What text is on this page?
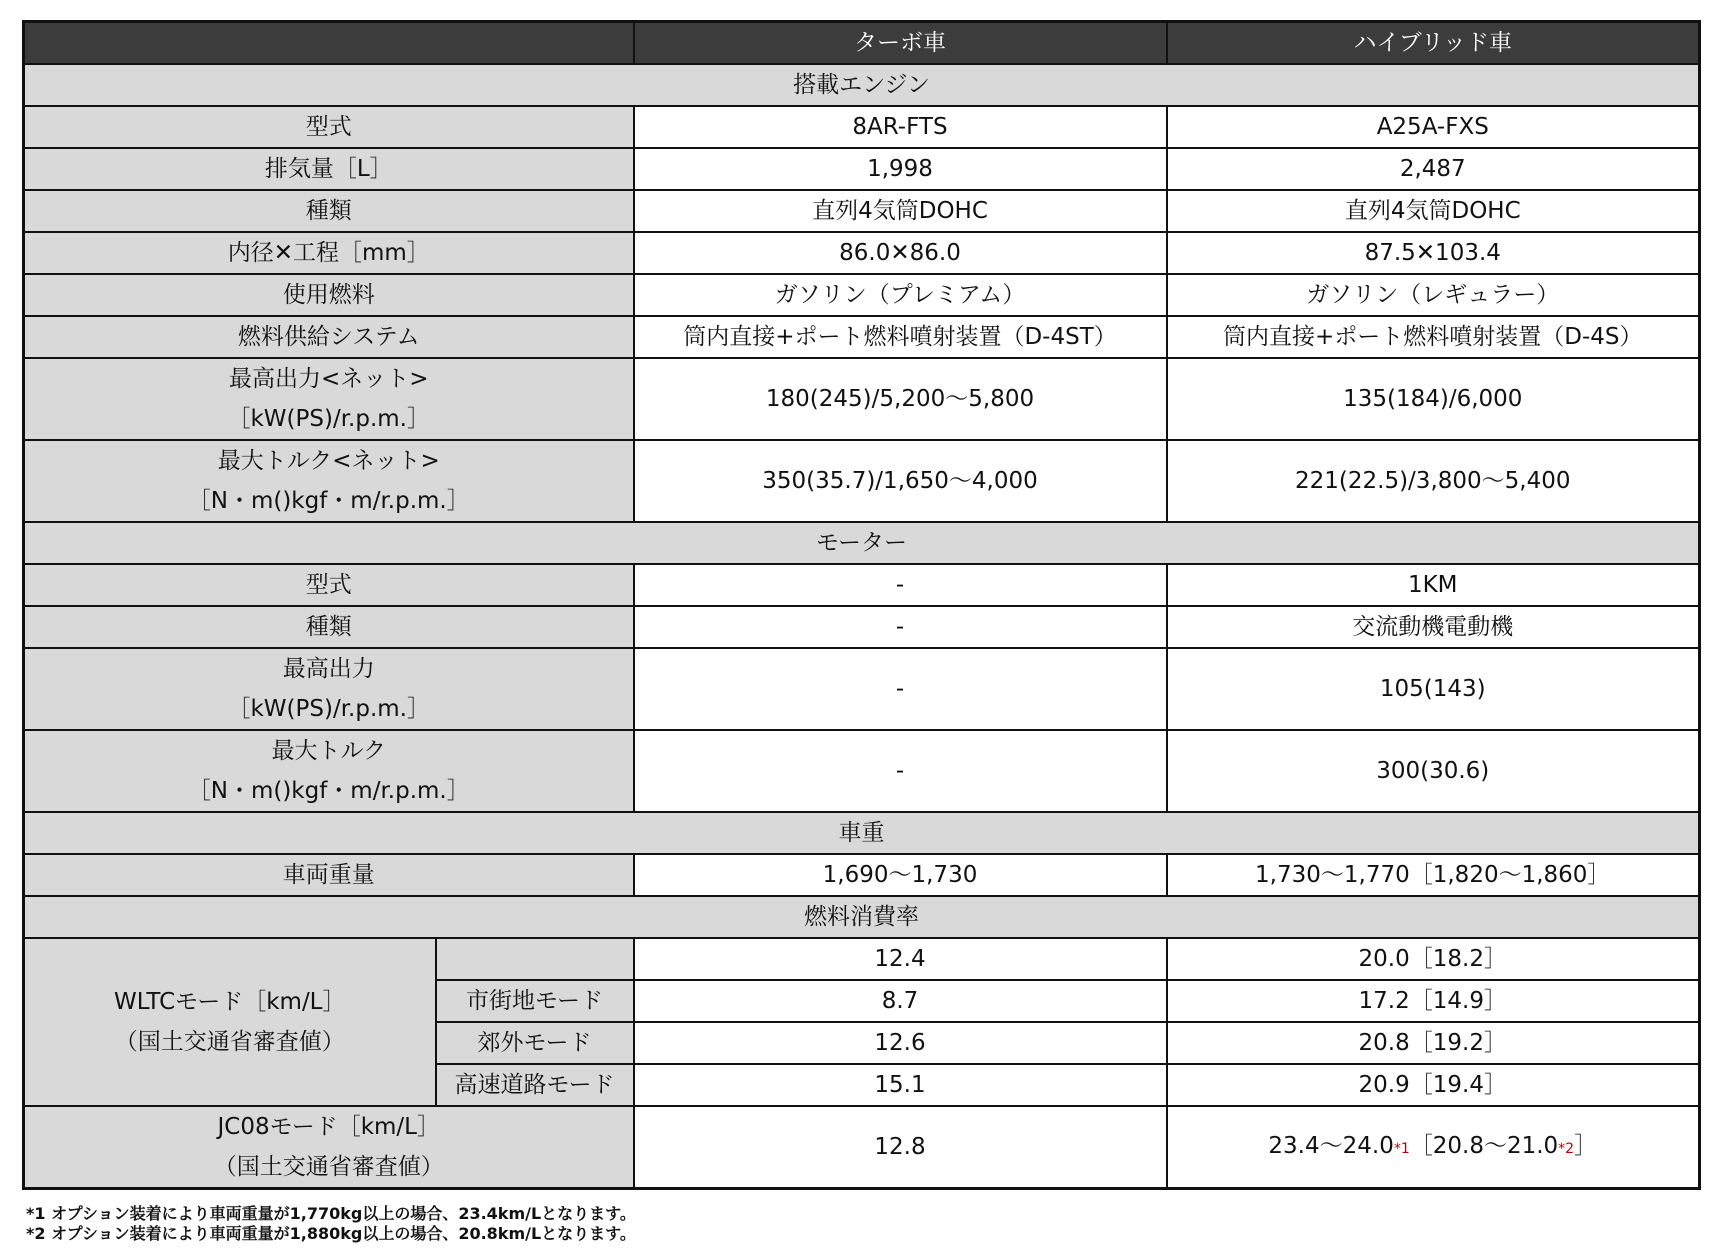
		ターボ車	ハイブリッド車
搭載エンジン			
型式		8AR-FTS	A25A-FXS
排気量［L］		1,998	2,487
種類		直列4気筒DOHC	直列4気筒DOHC
内径✕工程［mm］		86.0✕86.0	87.5✕103.4
使用燃料		ガソリン（プレミアム）	ガソリン（レギュラー）
燃料供給システム		筒内直接+ポート燃料噴射装置（D-4ST）	筒内直接+ポート燃料噴射装置（D-4S）

最高出力<ネット>
［kW(PS)/r.p.m.］		180(245)/5,200〜5,800	135(184)/6,000

最大トルク<ネット>
［N・m()kgf・m/r.p.m.］		350(35.7)/1,650〜4,000	221(22.5)/3,800〜5,400
モーター			
型式		-	1KM
種類		-	交流動機電動機

最高出力
［kW(PS)/r.p.m.］		-	105(143)

最大トルク
［N・m()kgf・m/r.p.m.］		-	300(30.6)
車重			
車両重量		1,690〜1,730	1,730〜1,770［1,820〜1,860］
燃料消費率			

WLTCモード［km/L］
（国土交通省審査値）		12.4	20.0［18.2］
	市街地モード	8.7	17.2［14.9］
	郊外モード	12.6	20.8［19.2］
	高速道路モード	15.1	20.9［19.4］

JC08モード［km/L］
（国土交通省審査値）		12.8	23.4〜24.0*1［20.8〜21.0*2］
*1 オプション装着により車両重量が1,770kg以上の場合、23.4km/Lとなります。
*2 オプション装着により車両重量が1,880kg以上の場合、20.8km/Lとなります。
